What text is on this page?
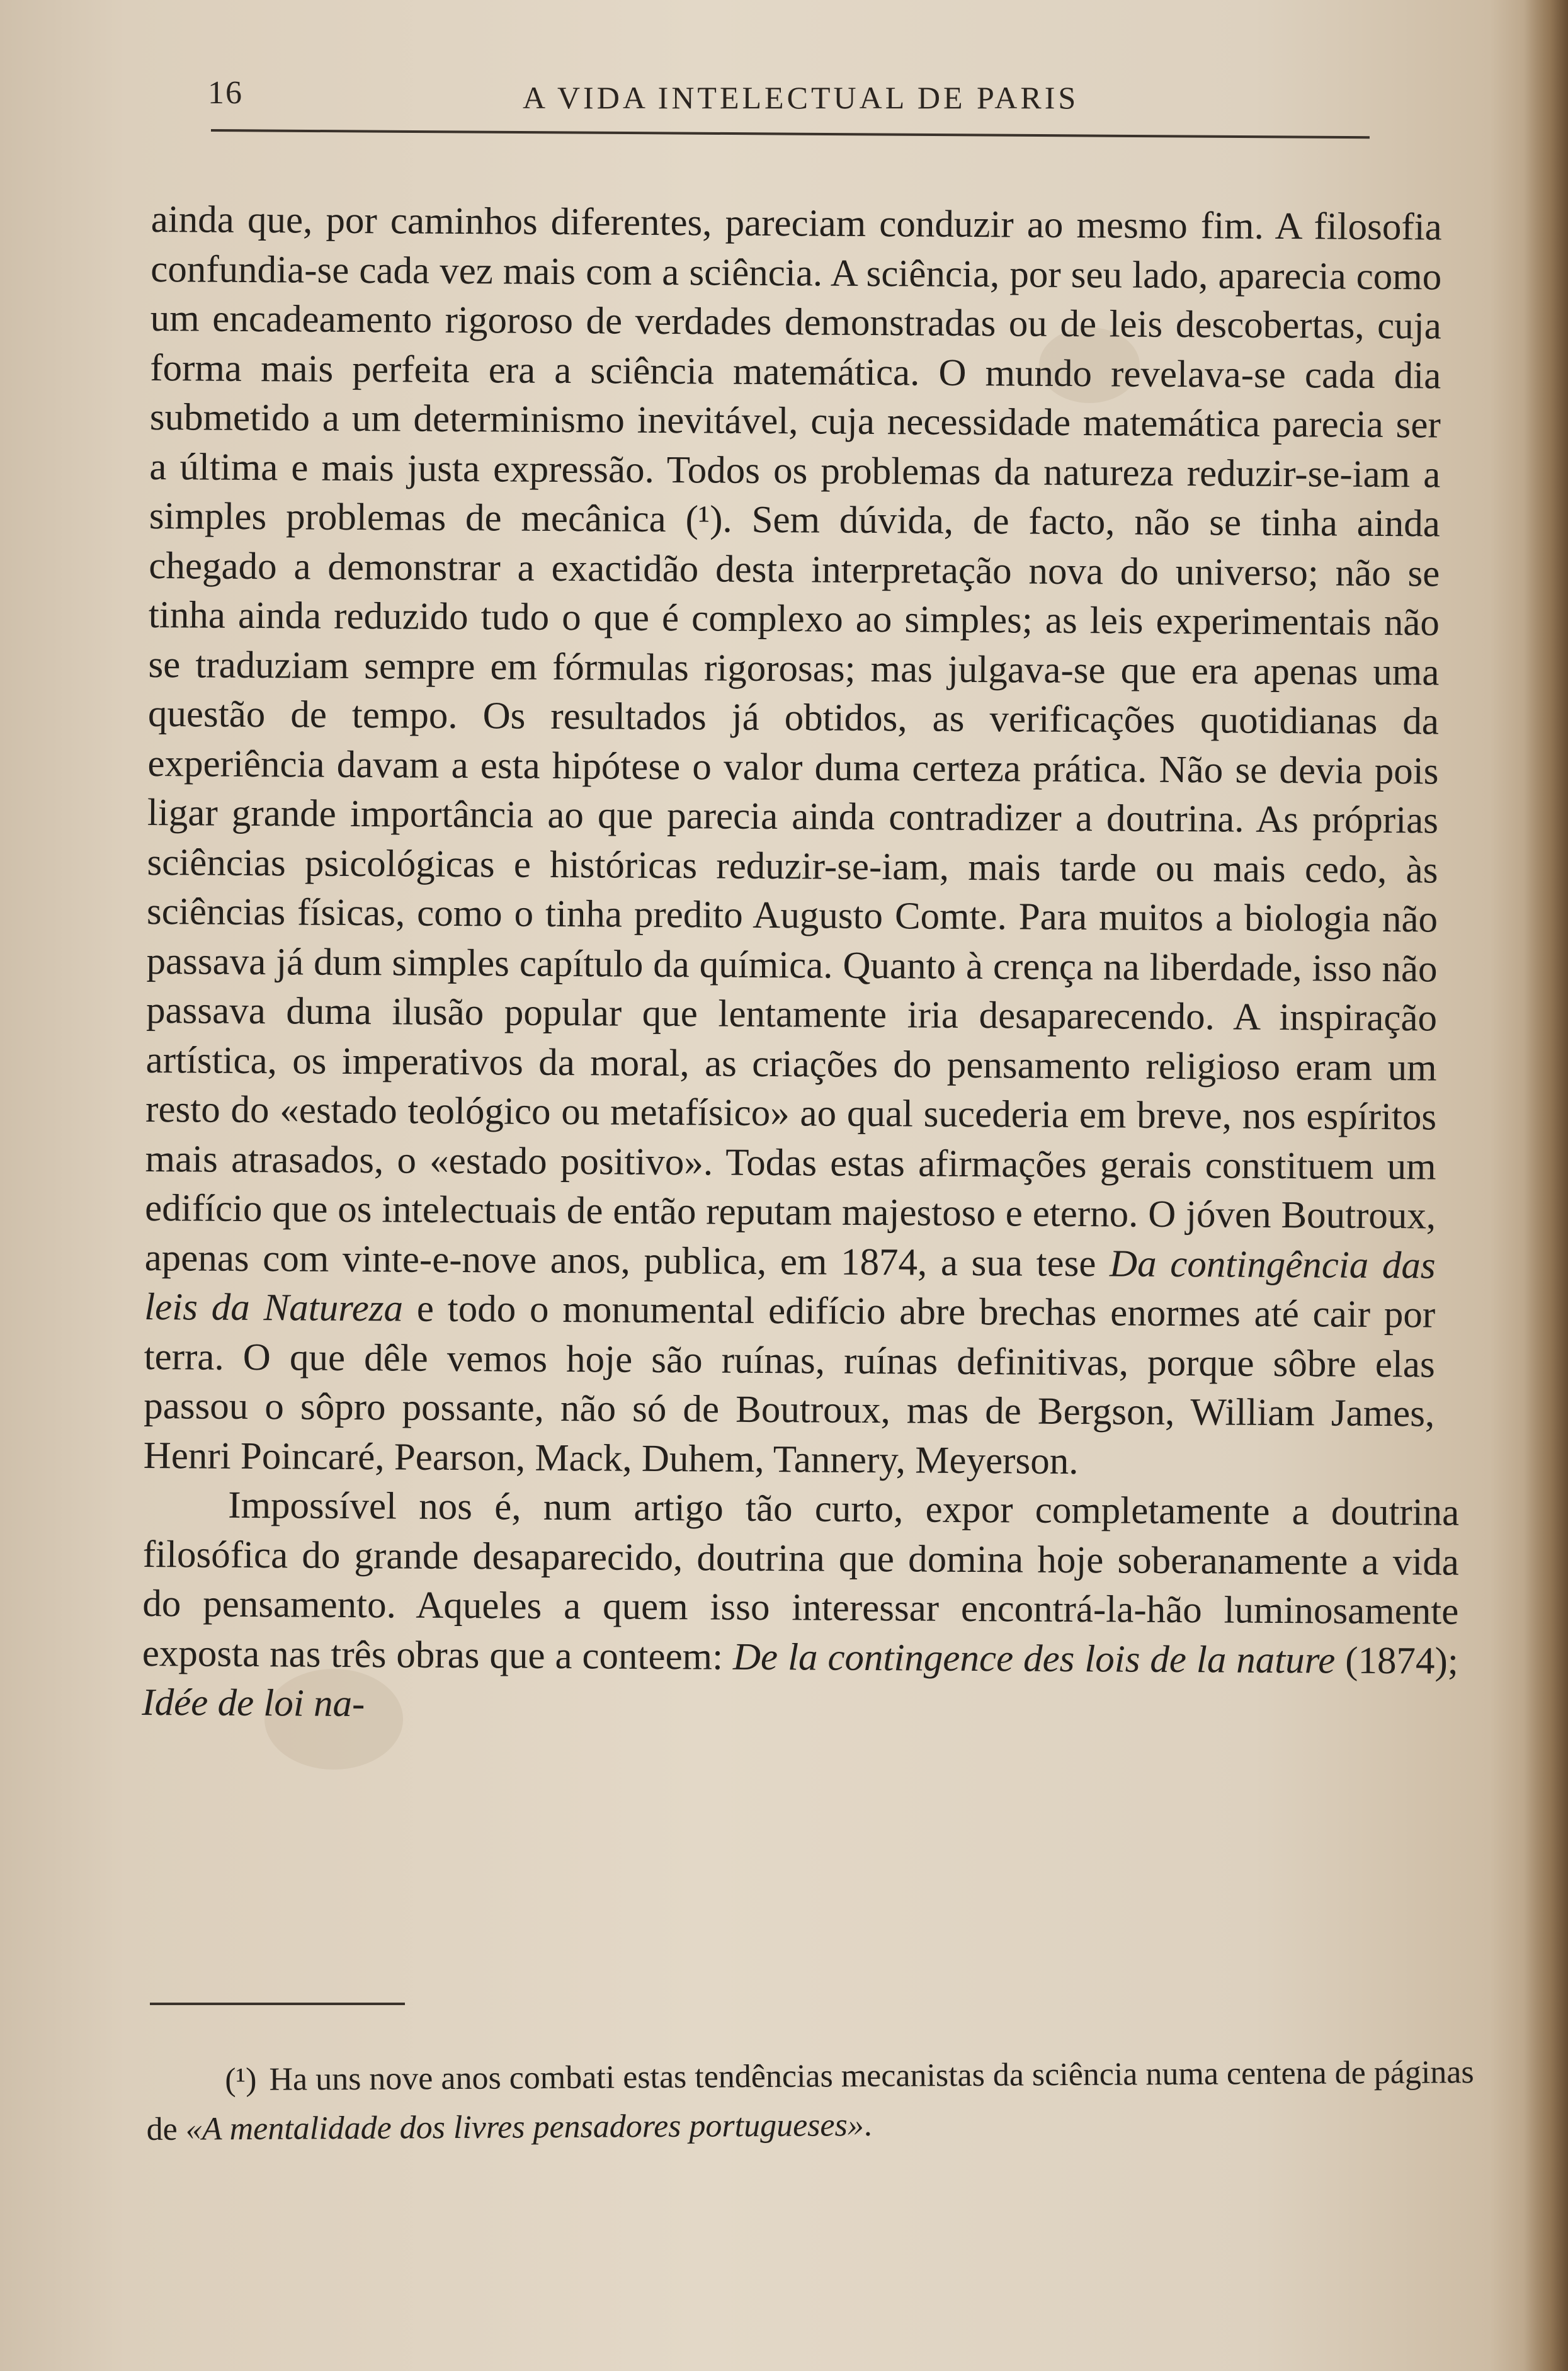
16	A VIDA INTELECTUAL DE PARIS

ainda que, por caminhos diferentes, pareciam conduzir ao mesmo fim. A filosofia confundia-se cada vez mais com a sciência. A sciência, por seu lado, aparecia como um encadeamento rigoroso de verdades demonstradas ou de leis descobertas, cuja forma mais perfeita era a sciência matemática. O mundo revelava-se cada dia submetido a um determinismo inevitável, cuja necessidade matemática parecia ser a última e mais justa expressão. Todos os problemas da natureza reduzir-se-iam a simples problemas de mecânica (¹). Sem dúvida, de facto, não se tinha ainda chegado a demonstrar a exactidão desta interpretação nova do universo; não se tinha ainda reduzido tudo o que é complexo ao simples; as leis experimentais não se traduziam sempre em fórmulas rigorosas; mas julgava-se que era apenas uma questão de tempo. Os resultados já obtidos, as verificações quotidianas da experiência davam a esta hipótese o valor duma certeza prática. Não se devia pois ligar grande importância ao que parecia ainda contradizer a doutrina. As próprias sciências psicológicas e históricas reduzir-se-iam, mais tarde ou mais cedo, às sciências físicas, como o tinha predito Augusto Comte. Para muitos a biologia não passava já dum simples capítulo da química. Quanto à crença na liberdade, isso não passava duma ilusão popular que lentamente iria desaparecendo. A inspiração artística, os imperativos da moral, as criações do pensamento religioso eram um resto do «estado teológico ou metafísico» ao qual sucederia em breve, nos espíritos mais atrasados, o «estado positivo». Todas estas afirmações gerais constituem um edifício que os intelectuais de então reputam majestoso e eterno. O jóven Boutroux, apenas com vinte-e-nove anos, publica, em 1874, a sua tese Da contingência das leis da Natureza e todo o monumental edifício abre brechas enormes até cair por terra. O que dêle vemos hoje são ruínas, ruínas definitivas, porque sôbre elas passou o sôpro possante, não só de Boutroux, mas de Bergson, William James, Henri Poincaré, Pearson, Mack, Duhem, Tannery, Meyerson.

Impossível nos é, num artigo tão curto, expor completamente a doutrina filosófica do grande desaparecido, doutrina que domina hoje soberanamente a vida do pensamento. Aqueles a quem isso interessar encontrá-la-hão luminosamente exposta nas três obras que a conteem: De la contingence des lois de la nature (1874); Idée de loi na-

(¹) Ha uns nove anos combati estas tendências mecanistas da sciência numa centena de páginas de «A mentalidade dos livres pensadores portugueses».
